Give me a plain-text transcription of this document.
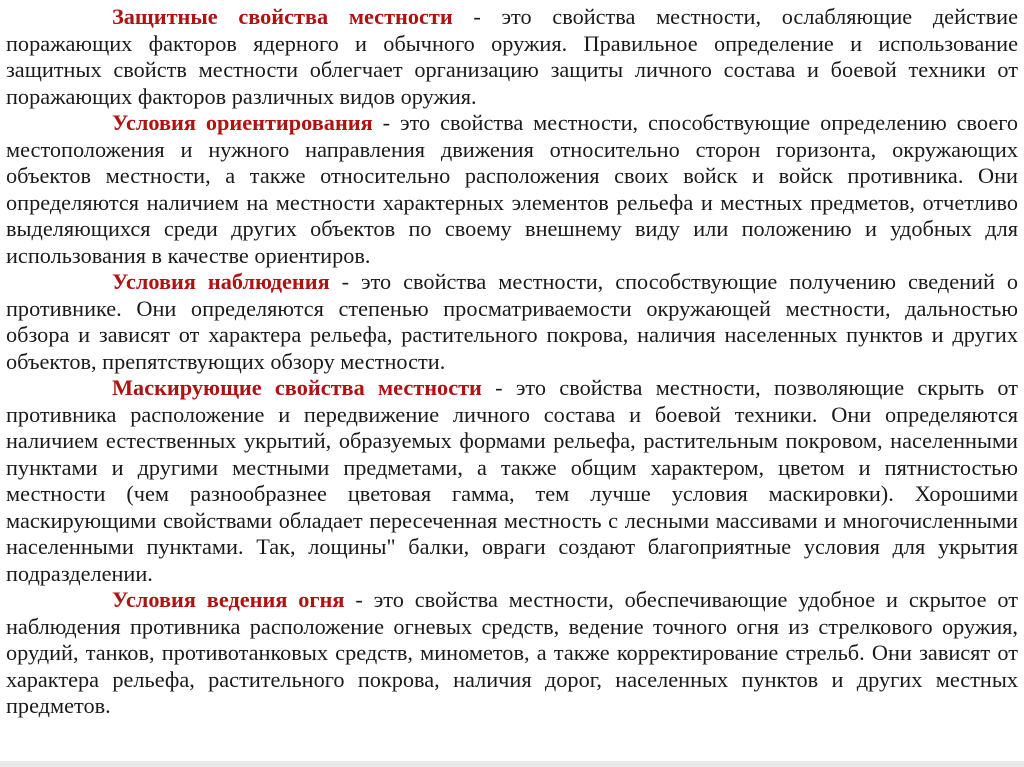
Защитные свойства местности - это свойства местности, ослабляющие действие поражающих факторов ядерного и обычного оружия. Правильное определение и использование защитных свойств местности облегчает организацию защиты личного состава и боевой техники от поражающих факторов различных видов оружия.

Условия ориентирования - это свойства местности, способствующие определению своего местоположения и нужного направления движения относительно сторон горизонта, окружающих объектов местности, а также относительно расположения своих войск и войск противника. Они определяются наличием на местности характерных элементов рельефа и местных предметов, отчетливо выделяющихся среди других объектов по своему внешнему виду или положению и удобных для использования в качестве ориентиров.

Условия наблюдения - это свойства местности, способствующие получению сведений о противнике. Они определяются степенью просматриваемости окружающей местности, дальностью обзора и зависят от характера рельефа, растительного покрова, наличия населенных пунктов и других объектов, препятствующих обзору местности.

Маскирующие свойства местности - это свойства местности, позволяющие скрыть от противника расположение и передвижение личного состава и боевой техники. Они определяются наличием естественных укрытий, образуемых формами рельефа, растительным покровом, населенными пунктами и другими местными предметами, а также общим характером, цветом и пятнистостью местности (чем разнообразнее цветовая гамма, тем лучше условия маскировки). Хорошими маскирующими свойствами обладает пересеченная местность с лесными массивами и многочисленными населенными пунктами. Так, лощины" балки, овраги создают благоприятные условия для укрытия подразделении.

Условия ведения огня - это свойства местности, обеспечивающие удобное и скрытое от наблюдения противника расположение огневых средств, ведение точного огня из стрелкового оружия, орудий, танков, противотанковых средств, минометов, а также корректирование стрельб. Они зависят от характера рельефа, растительного покрова, наличия дорог, населенных пунктов и других местных предметов.
